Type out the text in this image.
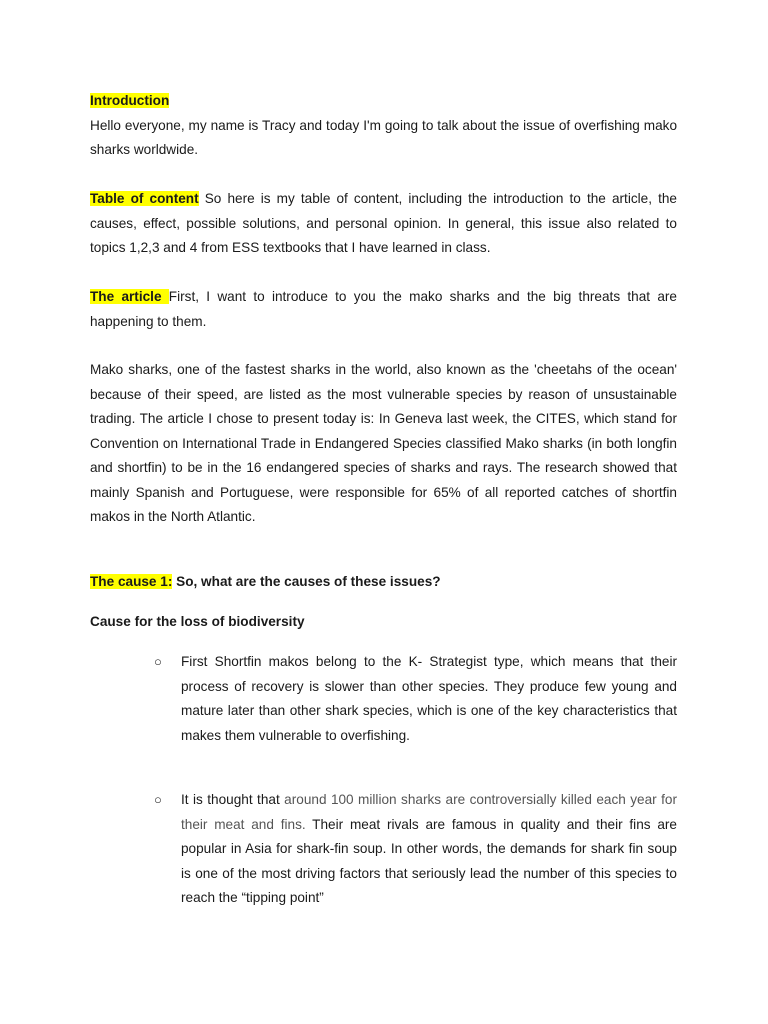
Introduction
Hello everyone, my name is Tracy and today I'm going to talk about the issue of overfishing mako sharks worldwide.
Table of content So here is my table of content, including the introduction to the article, the causes, effect, possible solutions, and personal opinion. In general, this issue also related to topics 1,2,3 and 4 from ESS textbooks that I have learned in class.
The article First, I want to introduce to you the mako sharks and the big threats that are happening to them.
Mako sharks, one of the fastest sharks in the world, also known as the 'cheetahs of the ocean' because of their speed, are listed as the most vulnerable species by reason of unsustainable trading. The article I chose to present today is: In Geneva last week, the CITES, which stand for Convention on International Trade in Endangered Species classified Mako sharks (in both longfin and shortfin) to be in the 16 endangered species of sharks and rays. The research showed that mainly Spanish and Portuguese, were responsible for 65% of all reported catches of shortfin makos in the North Atlantic.
The cause 1: So, what are the causes of these issues?
Cause for the loss of biodiversity
○	First Shortfin makos belong to the K- Strategist type, which means that their process of recovery is slower than other species. They produce few young and mature later than other shark species, which is one of the key characteristics that makes them vulnerable to overfishing.
○	It is thought that around 100 million sharks are controversially killed each year for their meat and fins. Their meat rivals are famous in quality and their fins are popular in Asia for shark-fin soup. In other words, the demands for shark fin soup is one of the most driving factors that seriously lead the number of this species to reach the “tipping point”
